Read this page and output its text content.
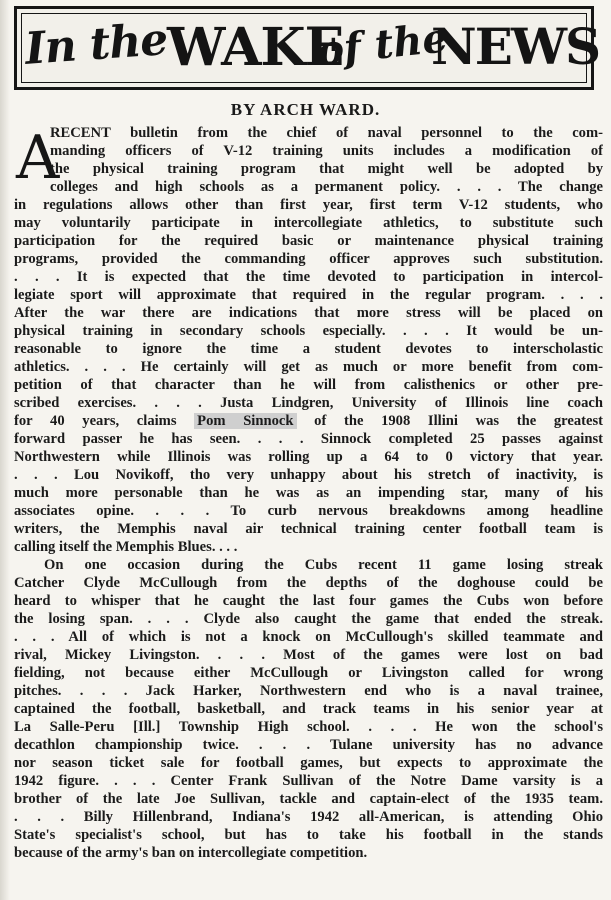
In the
WAKE
of the
NEWS
BY ARCH WARD.
A
RECENT bulletin from the chief of naval personnel to the com-
manding officers of V-12 training units includes a modification of
the physical training program that might well be adopted by
colleges and high schools as a permanent policy. . . . The change
in regulations allows other than first year, first term V-12 students, who
may voluntarily participate in intercollegiate athletics, to substitute such
participation for the required basic or maintenance physical training
programs, provided the commanding officer approves such substitution.
. . . It is expected that the time devoted to participation in intercol-
legiate sport will approximate that required in the regular program. . . .
After the war there are indications that more stress will be placed on
physical training in secondary schools especially. . . . It would be un-
reasonable to ignore the time a student devotes to interscholastic
athletics. . . . He certainly will get as much or more benefit from com-
petition of that character than he will from calisthenics or other pre-
scribed exercises. . . . Justa Lindgren, University of Illinois line coach
for 40 years, claims Pom Sinnock of the 1908 Illini was the greatest
forward passer he has seen. . . . Sinnock completed 25 passes against
Northwestern while Illinois was rolling up a 64 to 0 victory that year.
. . . Lou Novikoff, tho very unhappy about his stretch of inactivity, is
much more personable than he was as an impending star, many of his
associates opine. . . . To curb nervous breakdowns among headline
writers, the Memphis naval air technical training center football team is
calling itself the Memphis Blues. . . .
On one occasion during the Cubs recent 11 game losing streak
Catcher Clyde McCullough from the depths of the doghouse could be
heard to whisper that he caught the last four games the Cubs won before
the losing span. . . . Clyde also caught the game that ended the streak.
. . . All of which is not a knock on McCullough's skilled teammate and
rival, Mickey Livingston. . . . Most of the games were lost on bad
fielding, not because either McCullough or Livingston called for wrong
pitches. . . . Jack Harker, Northwestern end who is a naval trainee,
captained the football, basketball, and track teams in his senior year at
La Salle-Peru [Ill.] Township High school. . . . He won the school's
decathlon championship twice. . . . Tulane university has no advance
nor season ticket sale for football games, but expects to approximate the
1942 figure. . . . Center Frank Sullivan of the Notre Dame varsity is a
brother of the late Joe Sullivan, tackle and captain-elect of the 1935 team.
. . . Billy Hillenbrand, Indiana's 1942 all-American, is attending Ohio
State's specialist's school, but has to take his football in the stands
because of the army's ban on intercollegiate competition.
